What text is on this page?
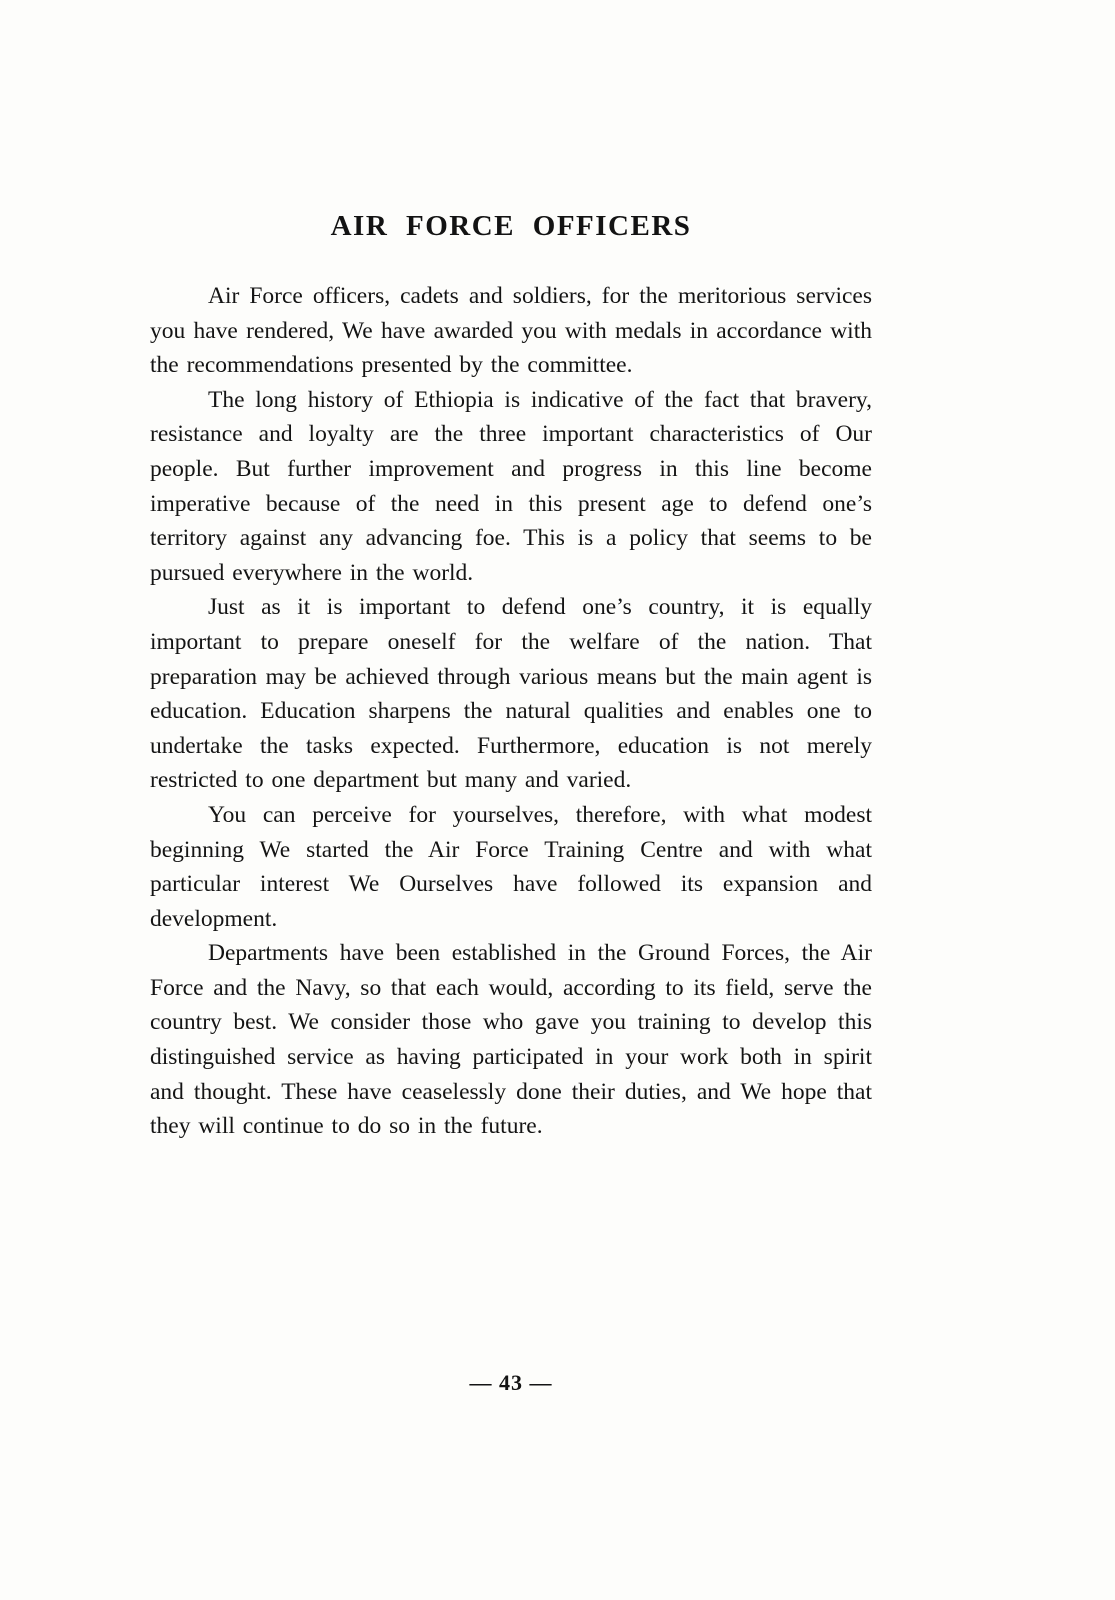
AIR FORCE OFFICERS

Air Force officers, cadets and soldiers, for the meritorious services you have rendered, We have awarded you with medals in accordance with the recommendations presented by the committee.

The long history of Ethiopia is indicative of the fact that bravery, resistance and loyalty are the three important characteristics of Our people. But further improvement and progress in this line become imperative because of the need in this present age to defend one’s territory against any advancing foe. This is a policy that seems to be pursued everywhere in the world.

Just as it is important to defend one’s country, it is equally important to prepare oneself for the welfare of the nation. That preparation may be achieved through various means but the main agent is education. Education sharpens the natural qualities and enables one to undertake the tasks expected. Furthermore, education is not merely restricted to one department but many and varied.

You can perceive for yourselves, therefore, with what modest beginning We started the Air Force Training Centre and with what particular interest We Ourselves have followed its expansion and development.

Departments have been established in the Ground Forces, the Air Force and the Navy, so that each would, according to its field, serve the country best. We consider those who gave you training to develop this distinguished service as having participated in your work both in spirit and thought. These have ceaselessly done their duties, and We hope that they will continue to do so in the future.

— 43 —
